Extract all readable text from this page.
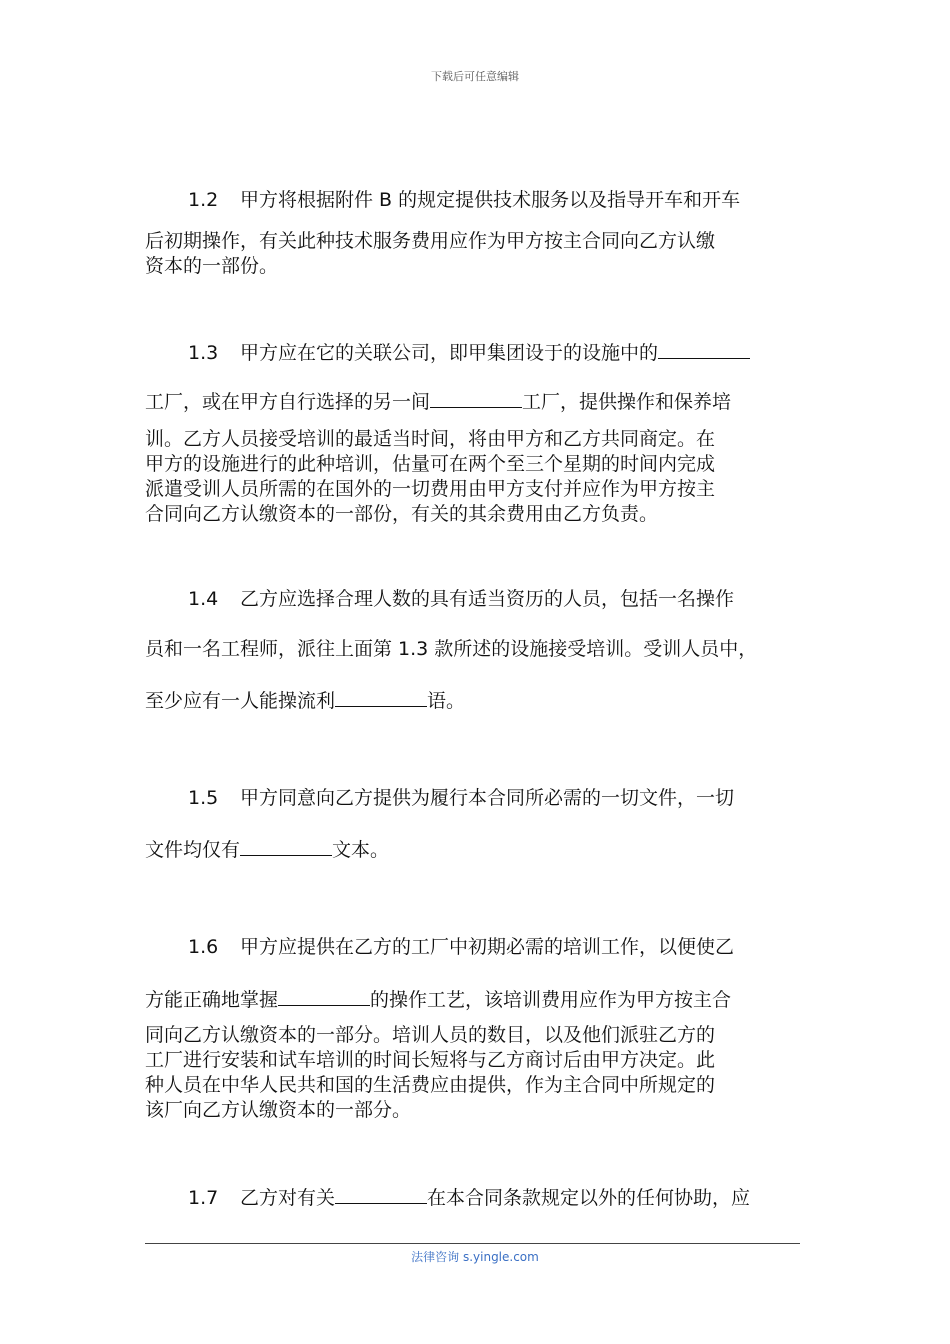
下载后可任意编辑
1.2 甲方将根据附件 B 的规定提供技术服务以及指导开车和开车
后初期操作，有关此种技术服务费用应作为甲方按主合同向乙方认缴
资本的一部份。
1.3 甲方应在它的关联公司，即甲集团设于的设施中的
工厂，或在甲方自行选择的另一间	工厂，提供操作和保养培
训。乙方人员接受培训的最适当时间，将由甲方和乙方共同商定。在
甲方的设施进行的此种培训，估量可在两个至三个星期的时间内完成
派遣受训人员所需的在国外的一切费用由甲方支付并应作为甲方按主
合同向乙方认缴资本的一部份，有关的其余费用由乙方负责。
1.4 乙方应选择合理人数的具有适当资历的人员，包括一名操作
员和一名工程师，派往上面第 1.3 款所述的设施接受培训。受训人员中，
至少应有一人能操流利	语。
1.5 甲方同意向乙方提供为履行本合同所必需的一切文件，一切
文件均仅有	文本。
1.6 甲方应提供在乙方的工厂中初期必需的培训工作，以便使乙
方能正确地掌握	的操作工艺，该培训费用应作为甲方按主合
同向乙方认缴资本的一部分。培训人员的数目，以及他们派驻乙方的
工厂进行安装和试车培训的时间长短将与乙方商讨后由甲方决定。此
种人员在中华人民共和国的生活费应由提供，作为主合同中所规定的
该厂向乙方认缴资本的一部分。
1.7 乙方对有关	在本合同条款规定以外的任何协助，应
法律咨询 s.yingle.com
